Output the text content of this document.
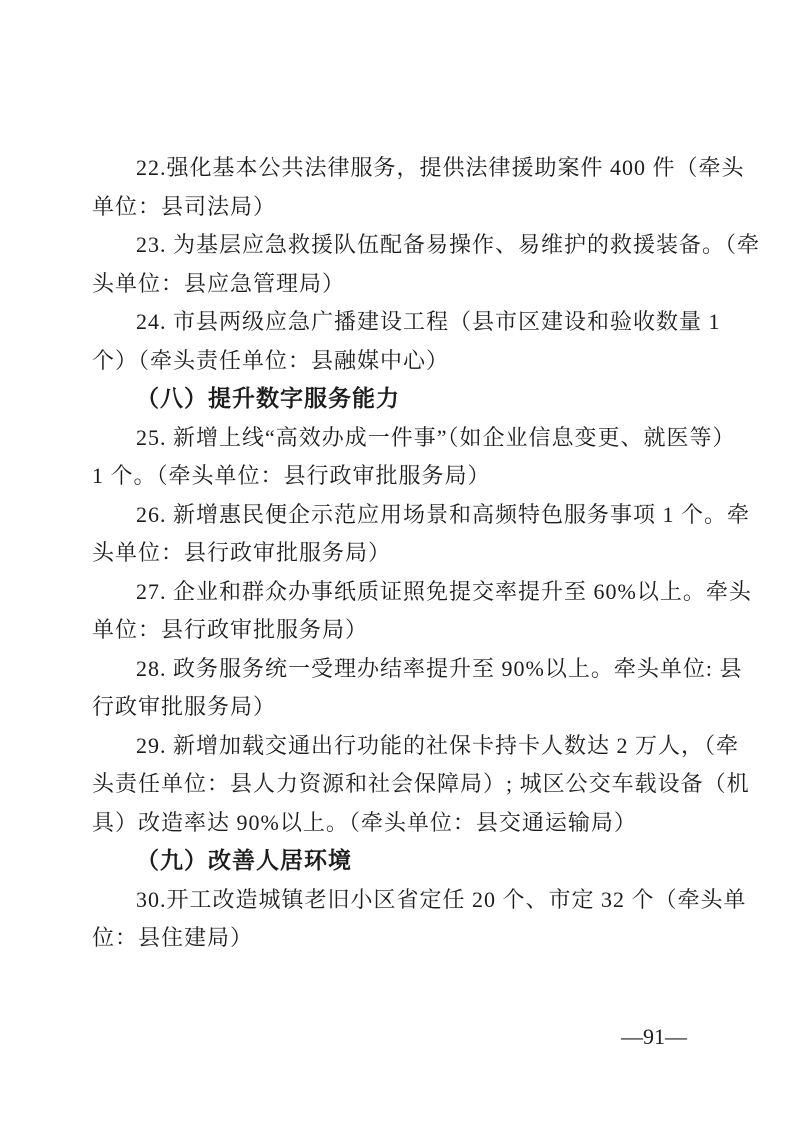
22.强化基本公共法律服务，提供法律援助案件 400 件（牵头
单位：县司法局）
23. 为基层应急救援队伍配备易操作、易维护的救援装备。（牵
头单位：县应急管理局）
24. 市县两级应急广播建设工程（县市区建设和验收数量 1
个）（牵头责任单位：县融媒中心）
（八）提升数字服务能力
25. 新增上线“高效办成一件事”（如企业信息变更、就医等）
1 个。（牵头单位：县行政审批服务局）
26. 新增惠民便企示范应用场景和高频特色服务事项 1 个。牵
头单位：县行政审批服务局）
27. 企业和群众办事纸质证照免提交率提升至 60%以上。牵头
单位：县行政审批服务局）
28. 政务服务统一受理办结率提升至 90%以上。牵头单位: 县
行政审批服务局）
29. 新增加载交通出行功能的社保卡持卡人数达 2 万人，（牵
头责任单位：县人力资源和社会保障局）; 城区公交车载设备（机
具）改造率达 90%以上。（牵头单位：县交通运输局）
（九）改善人居环境
30.开工改造城镇老旧小区省定任 20 个、市定 32 个（牵头单
位：县住建局）
—91—
